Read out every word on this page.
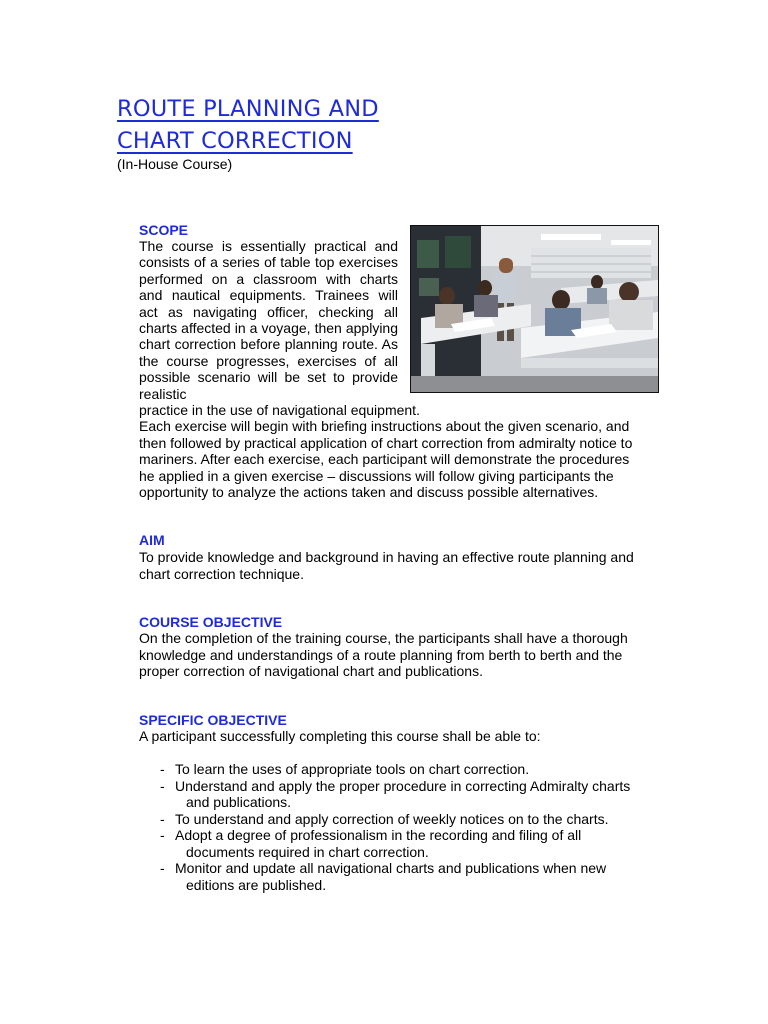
ROUTE PLANNING AND
CHART CORRECTION

(In-House Course)

SCOPE

The course is essentially practical and consists of a series of table top exercises performed on a classroom with charts and nautical equipments. Trainees will act as navigating officer, checking all charts affected in a voyage, then applying chart correction before planning route. As the course progresses, exercises of all possible scenario will be set to provide realistic

practice in the use of navigational equipment.

Each exercise will begin with briefing instructions about the given scenario, and then followed by practical application of chart correction from admiralty notice to mariners. After each exercise, each participant will demonstrate the procedures he applied in a given exercise – discussions will follow giving participants the opportunity to analyze the actions taken and discuss possible alternatives.

AIM

To provide knowledge and background in having an effective route planning and chart correction technique.

COURSE OBJECTIVE

On the completion of the training course, the participants shall have a thorough knowledge and understandings of a route planning from berth to berth and the proper correction of navigational chart and publications.

SPECIFIC OBJECTIVE

A participant successfully completing this course shall be able to:

- To learn the uses of appropriate tools on chart correction.
- Understand and apply the proper procedure in correcting Admiralty charts
and publications.
- To understand and apply correction of weekly notices on to the charts.
- Adopt a degree of professionalism in the recording and filing of all
documents required in chart correction.
- Monitor and update all navigational charts and publications when new
editions are published.
